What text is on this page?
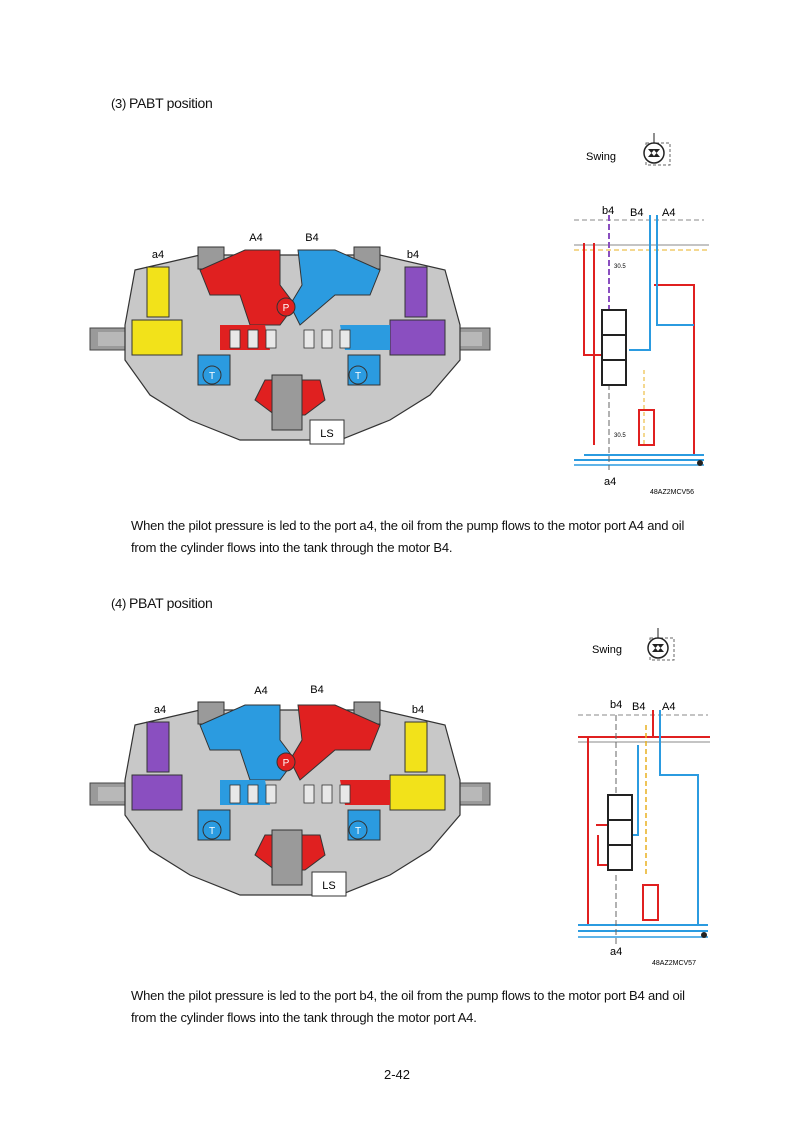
(3) PABT position
P
T	T
LS
a4
A4	B4
b4
Swing
b4 B4 A4
30.5
30.5
a4
48AZ2MCV56
When the pilot pressure is led to the port a4, the oil from the pump flows to the motor port A4 and oil from the cylinder flows into the tank through the motor B4.
(4) PBAT position
P
T	T
LS
a4
A4	B4
b4
Swing
b4 B4 A4
a4
48AZ2MCV57
When the pilot pressure is led to the port b4, the oil from the pump flows to the motor port B4 and oil from the cylinder flows into the tank through the motor port A4.
2-42
